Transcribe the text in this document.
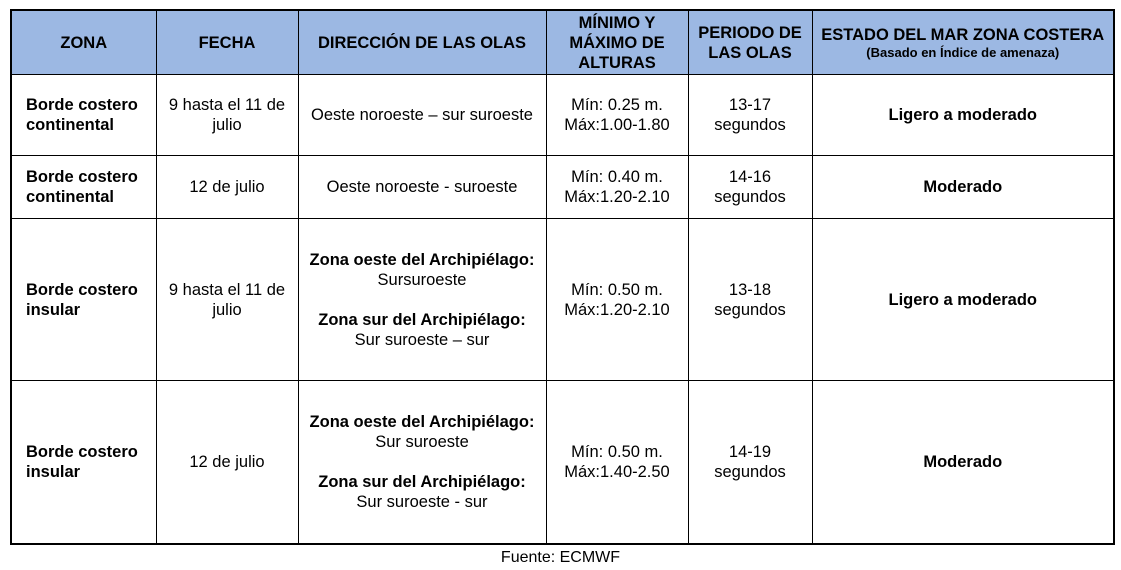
ZONA	FECHA	DIRECCIÓN DE LAS OLAS	MÍNIMO Y MÁXIMO DE ALTURAS	PERIODO DE LAS OLAS	ESTADO DEL MAR ZONA COSTERA
(Basado en Índice de amenaza)

Borde costero continental	9 hasta el 11 de julio	Oeste noroeste – sur suroeste	Mín: 0.25 m.
Máx:1.00-1.80	13-17 segundos	Ligero a moderado
Borde costero continental	12 de julio	Oeste noroeste - suroeste	Mín: 0.40 m.
Máx:1.20-2.10	14-16 segundos	Moderado
Borde costero insular	9 hasta el 11 de julio	Zona oeste del Archipiélago:
Sursuroeste
Zona sur del Archipiélago:
Sur suroeste – sur	Mín: 0.50 m.
Máx:1.20-2.10	13-18 segundos	Ligero a moderado
Borde costero insular	12 de julio	Zona oeste del Archipiélago:
Sur suroeste
Zona sur del Archipiélago:
Sur suroeste - sur	Mín: 0.50 m.
Máx:1.40-2.50	14-19 segundos	Moderado
Fuente: ECMWF
